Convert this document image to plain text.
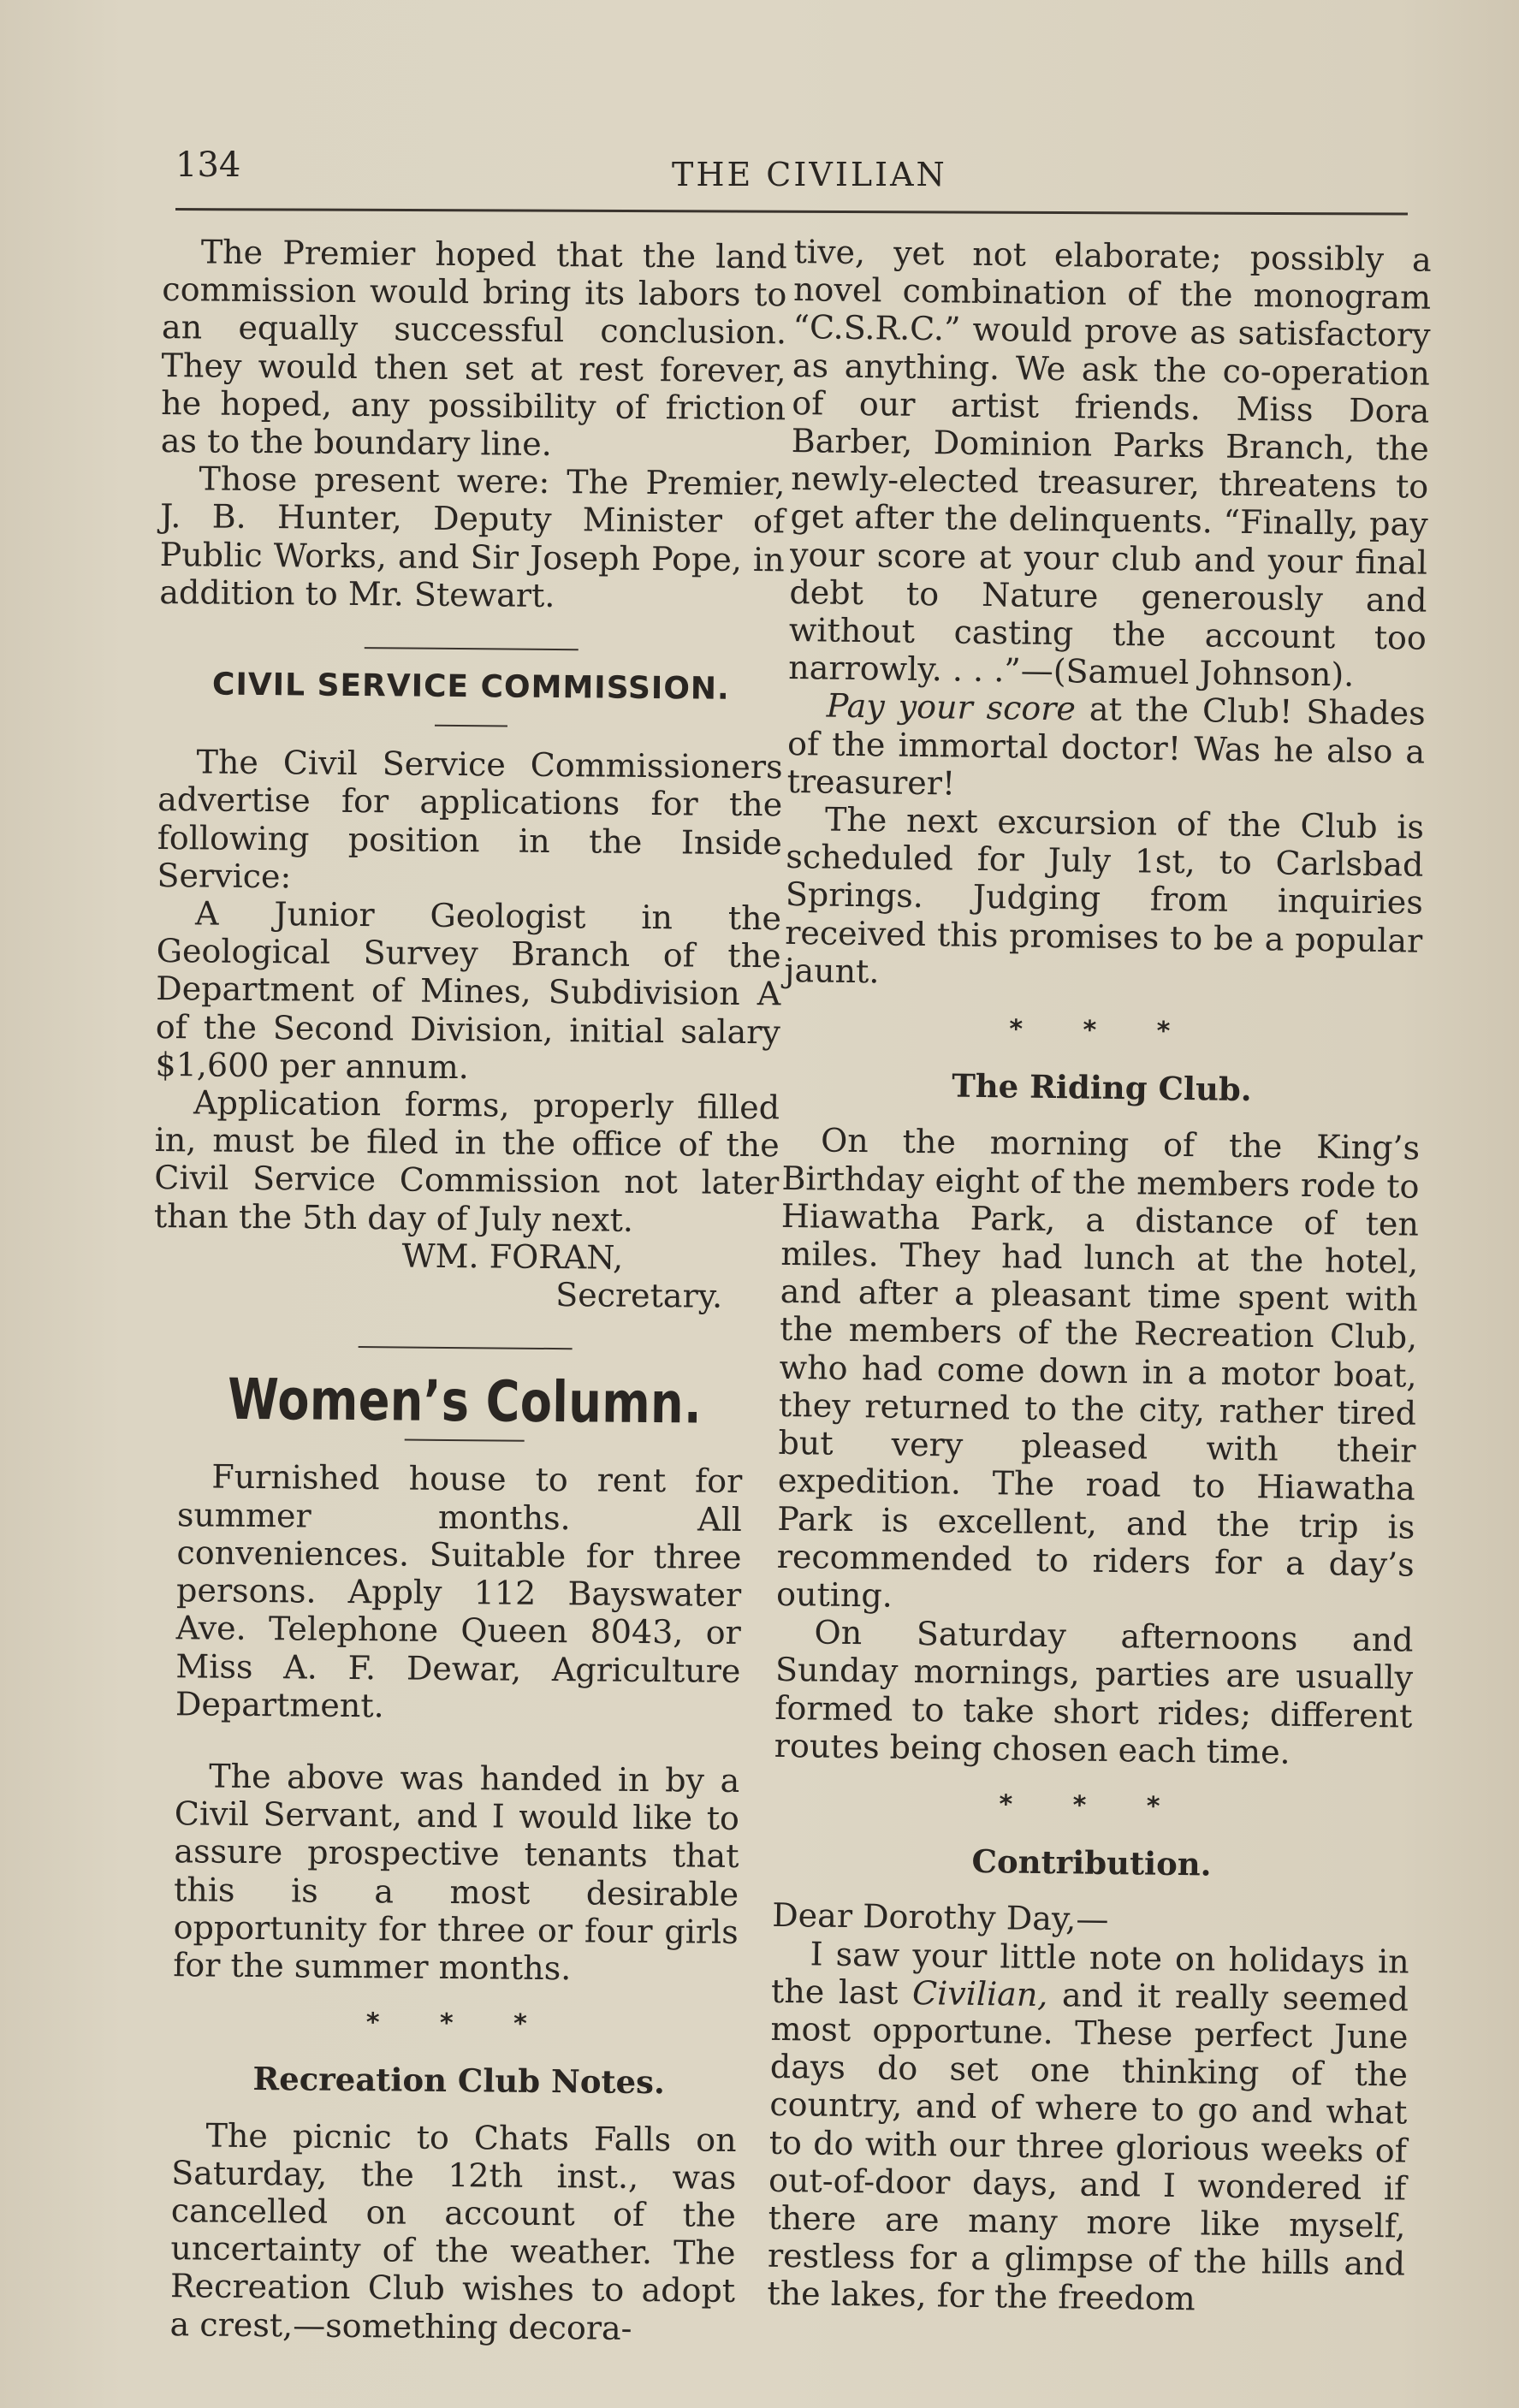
134	THE CIVILIAN

The Premier hoped that the land commission would bring its labors to an equally successful conclusion. They would then set at rest forever, he hoped, any possibility of friction as to the boundary line.

Those present were: The Premier, J. B. Hunter, Deputy Minister of Public Works, and Sir Joseph Pope, in addition to Mr. Stewart.

CIVIL SERVICE COMMISSION.

The Civil Service Commissioners advertise for applications for the following position in the Inside Service:

A Junior Geologist in the Geological Survey Branch of the Department of Mines, Subdivision A of the Second Division, initial salary $1,600 per annum.

Application forms, properly filled in, must be filed in the office of the Civil Service Commission not later than the 5th day of July next.

WM. FORAN,

Secretary.

Women’s Column.

Furnished house to rent for summer months. All conveniences. Suitable for three persons. Apply 112 Bayswater Ave. Telephone Queen 8043, or Miss A. F. Dewar, Agriculture Department.

The above was handed in by a Civil Servant, and I would like to assure prospective tenants that this is a most desirable opportunity for three or four girls for the summer months.

* * *
Recreation Club Notes.

The picnic to Chats Falls on Saturday, the 12th inst., was cancelled on account of the uncertainty of the weather. The Recreation Club wishes to adopt a crest,—something decora-

tive, yet not elaborate; possibly a novel combination of the monogram “C.S.R.C.” would prove as satisfactory as anything. We ask the co-operation of our artist friends. Miss Dora Barber, Dominion Parks Branch, the newly-elected treasurer, threatens to get after the delinquents. “Finally, pay your score at your club and your final debt to Nature generously and without casting the account too narrowly. . . .”—(Samuel Johnson).

Pay your score at the Club! Shades of the immortal doctor! Was he also a treasurer!

The next excursion of the Club is scheduled for July 1st, to Carlsbad Springs. Judging from inquiries received this promises to be a popular jaunt.

* * *
The Riding Club.

On the morning of the King’s Birthday eight of the members rode to Hiawatha Park, a distance of ten miles. They had lunch at the hotel, and after a pleasant time spent with the members of the Recreation Club, who had come down in a motor boat, they returned to the city, rather tired but very pleased with their expedition. The road to Hiawatha Park is excellent, and the trip is recommended to riders for a day’s outing.

On Saturday afternoons and Sunday mornings, parties are usually formed to take short rides; different routes being chosen each time.

* * *
Contribution.

Dear Dorothy Day,—

I saw your little note on holidays in the last Civilian, and it really seemed most opportune. These perfect June days do set one thinking of the country, and of where to go and what to do with our three glorious weeks of out-of-door days, and I wondered if there are many more like myself, restless for a glimpse of the hills and the lakes, for the freedom
